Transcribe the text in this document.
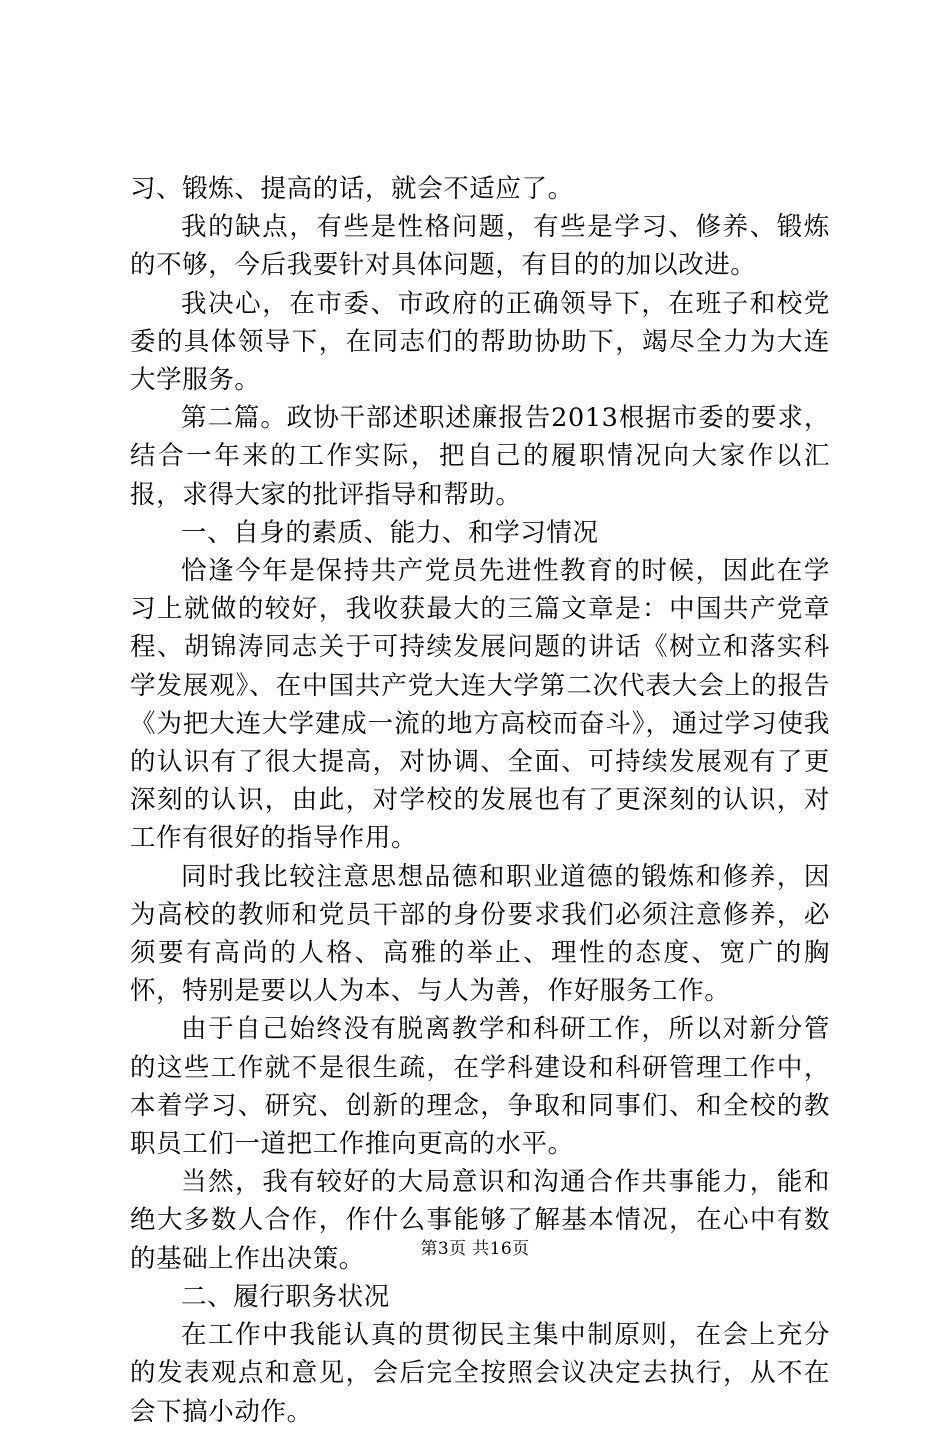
习、锻炼、提高的话，就会不适应了。

我的缺点，有些是性格问题，有些是学习、修养、锻炼的不够，今后我要针对具体问题，有目的的加以改进。

我决心，在市委、市政府的正确领导下，在班子和校党委的具体领导下，在同志们的帮助协助下，竭尽全力为大连大学服务。

第二篇。政协干部述职述廉报告2013根据市委的要求，结合一年来的工作实际，把自己的履职情况向大家作以汇报，求得大家的批评指导和帮助。

一、自身的素质、能力、和学习情况

恰逢今年是保持共产党员先进性教育的时候，因此在学习上就做的较好，我收获最大的三篇文章是：中国共产党章程、胡锦涛同志关于可持续发展问题的讲话《树立和落实科学发展观》、在中国共产党大连大学第二次代表大会上的报告《为把大连大学建成一流的地方高校而奋斗》，通过学习使我的认识有了很大提高，对协调、全面、可持续发展观有了更深刻的认识，由此，对学校的发展也有了更深刻的认识，对工作有很好的指导作用。

同时我比较注意思想品德和职业道德的锻炼和修养，因为高校的教师和党员干部的身份要求我们必须注意修养，必须要有高尚的人格、高雅的举止、理性的态度、宽广的胸怀，特别是要以人为本、与人为善，作好服务工作。

由于自己始终没有脱离教学和科研工作，所以对新分管的这些工作就不是很生疏，在学科建设和科研管理工作中，本着学习、研究、创新的理念，争取和同事们、和全校的教职员工们一道把工作推向更高的水平。

当然，我有较好的大局意识和沟通合作共事能力，能和绝大多数人合作，作什么事能够了解基本情况，在心中有数的基础上作出决策。

二、履行职务状况

在工作中我能认真的贯彻民主集中制原则，在会上充分的发表观点和意见，会后完全按照会议决定去执行，从不在会下搞小动作。

第3页 共16页
